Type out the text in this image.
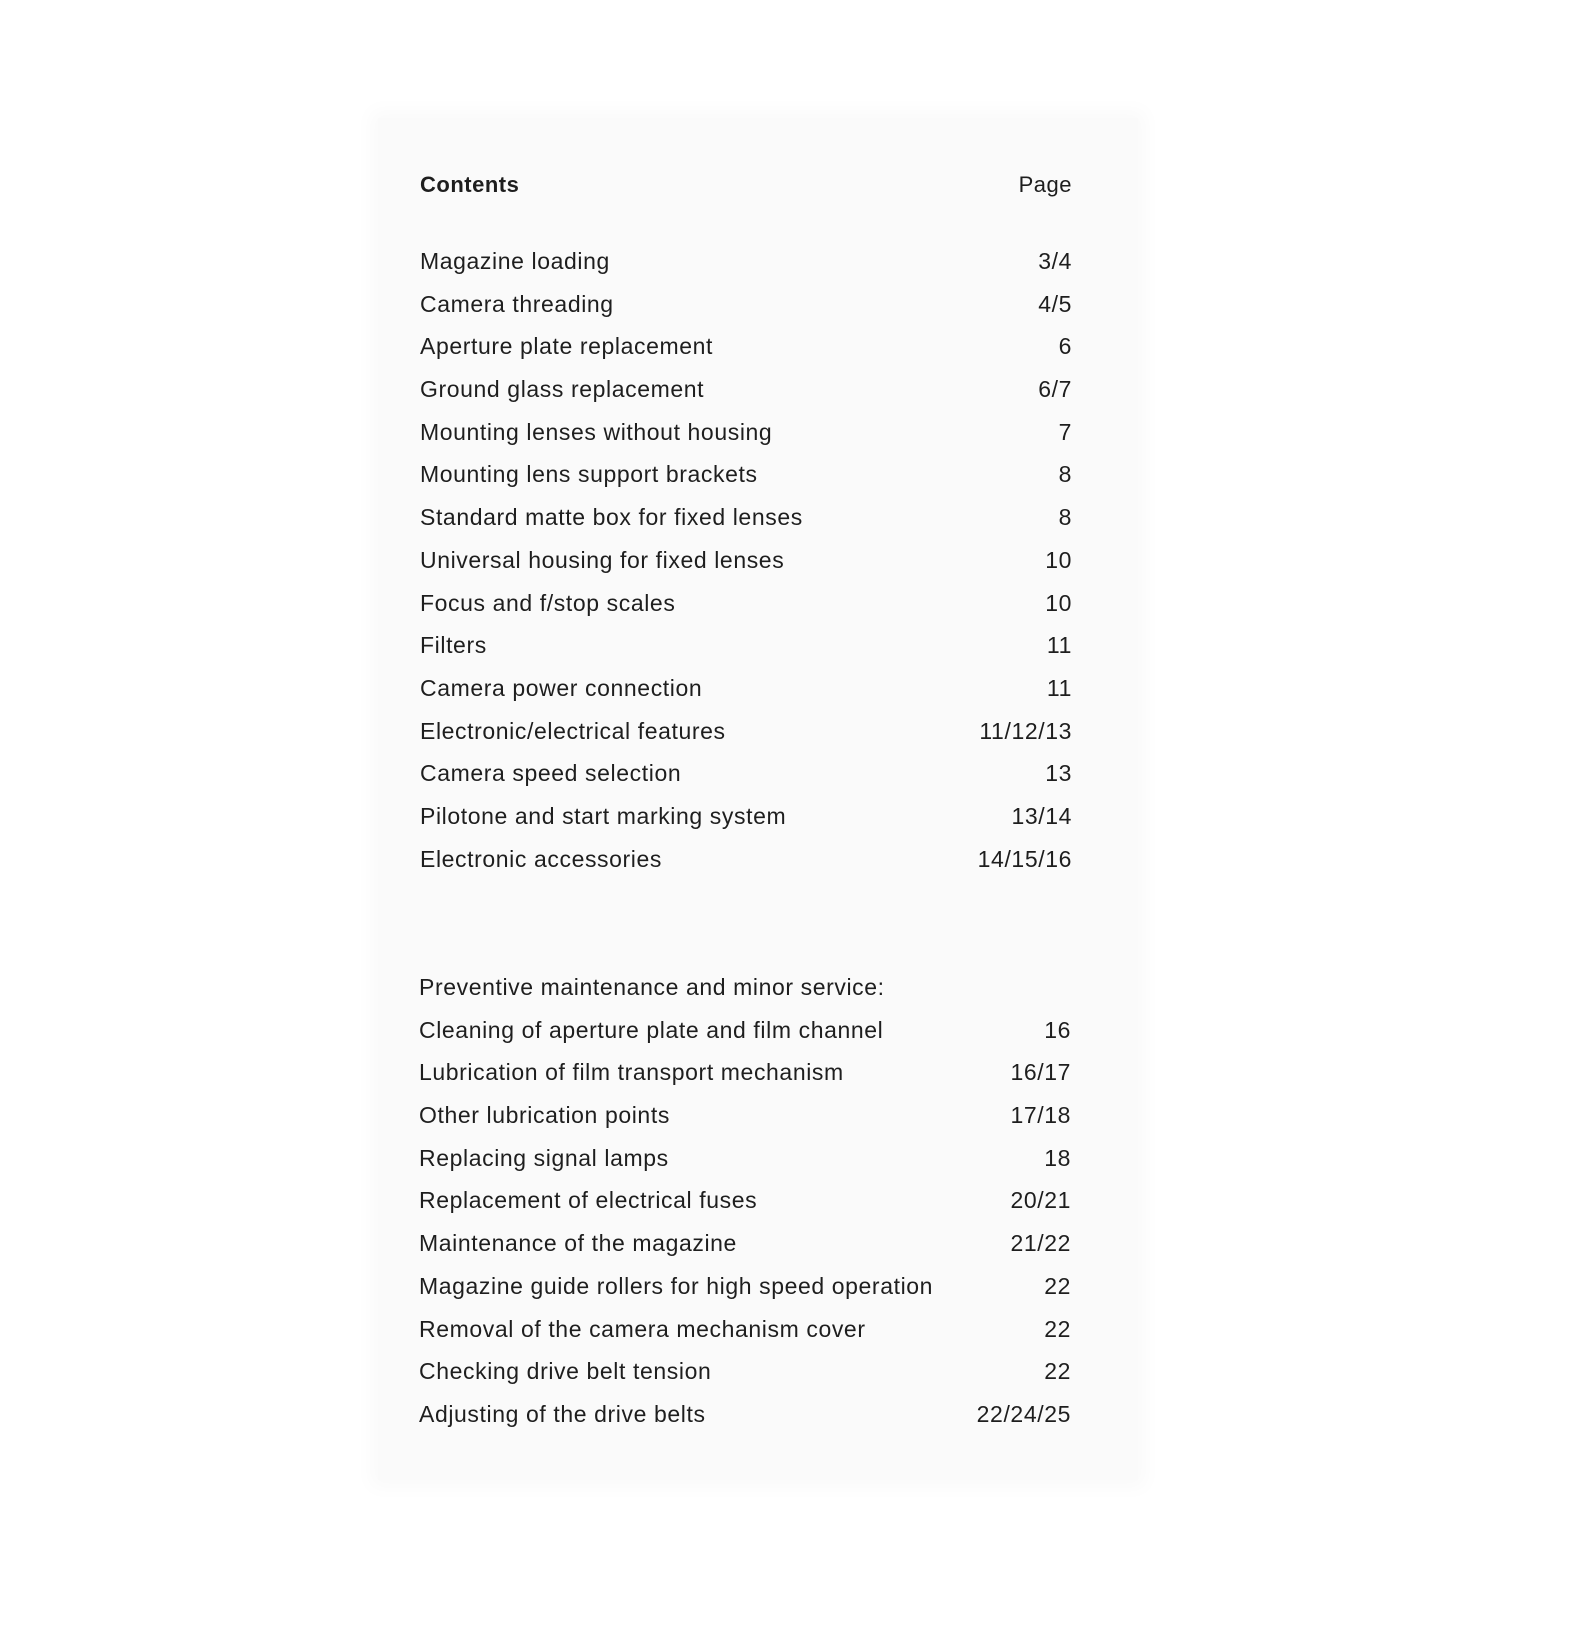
Contents	Page
Magazine loading	3/4
Camera threading	4/5
Aperture plate replacement	6
Ground glass replacement	6/7
Mounting lenses without housing	7
Mounting lens support brackets	8
Standard matte box for fixed lenses	8
Universal housing for fixed lenses	10
Focus and f/stop scales	10
Filters	11
Camera power connection	11
Electronic/electrical features	11/12/13
Camera speed selection	13
Pilotone and start marking system	13/14
Electronic accessories	14/15/16
Preventive maintenance and minor service:
Cleaning of aperture plate and film channel	16
Lubrication of film transport mechanism	16/17
Other lubrication points	17/18
Replacing signal lamps	18
Replacement of electrical fuses	20/21
Maintenance of the magazine	21/22
Magazine guide rollers for high speed operation	22
Removal of the camera mechanism cover	22
Checking drive belt tension	22
Adjusting of the drive belts	22/24/25
